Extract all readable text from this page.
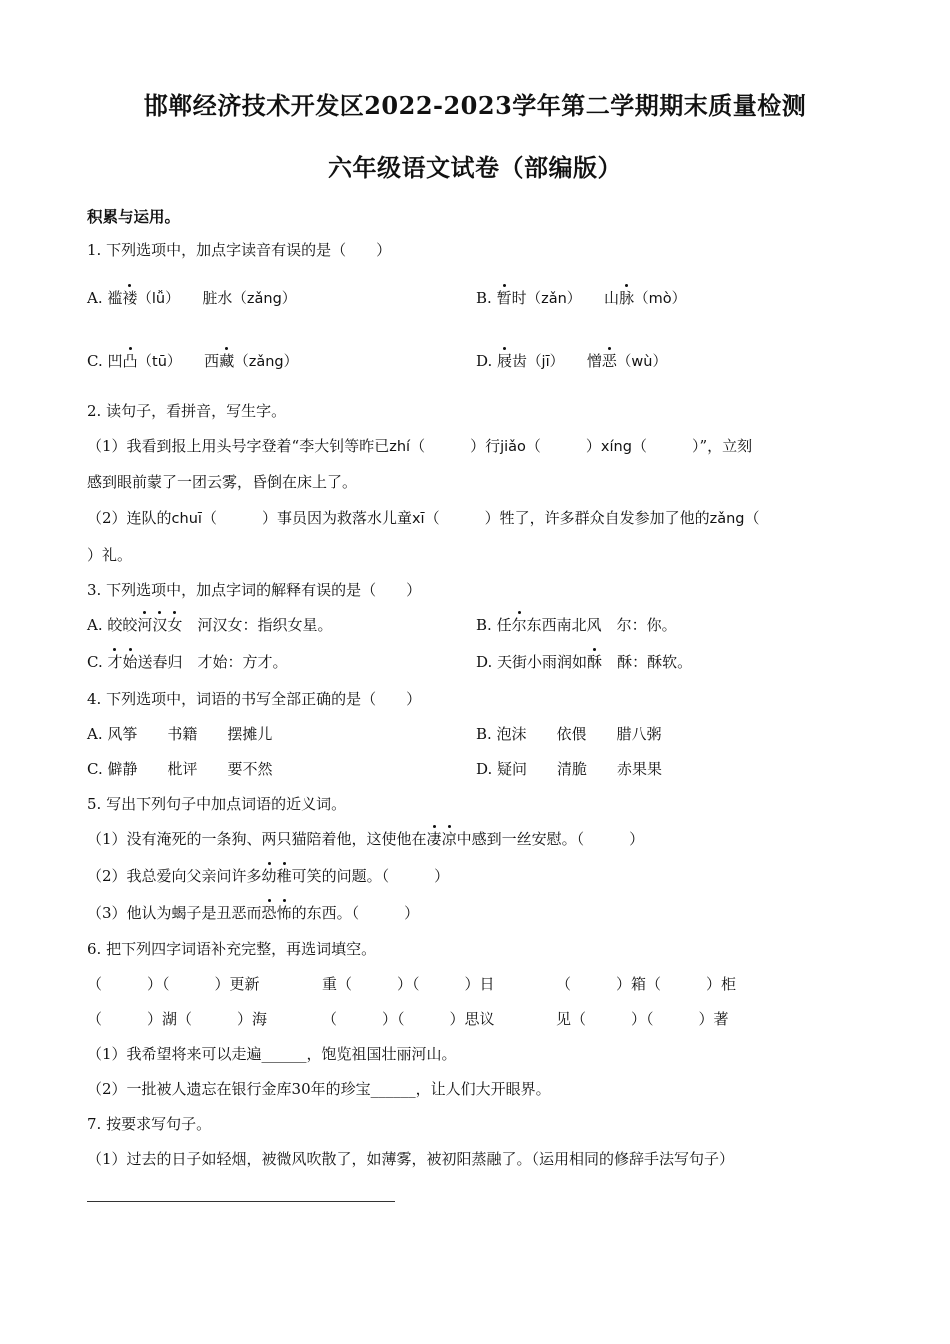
邯郸经济技术开发区2022-2023学年第二学期期末质量检测
六年级语文试卷（部编版）
积累与运用。
1. 下列选项中，加点字读音有误的是（　　）
A. 褴褛（lǚ）　　 脏水（zǎng）	B. 暂时（zǎn）　　 山脉（mò）
C. 凹凸（tū）　　 西藏（zǎng）	D. 屐齿（jī）　　 憎恶（wù）
2. 读句子，看拼音，写生字。
（1）我看到报上用头号字登着“李大钊等昨已zhí（　　　）行jiǎo（　　　）xíng（　　　）”，立刻
感到眼前蒙了一团云雾，昏倒在床上了。
（2）连队的chuī（　　　）事员因为救落水儿童xī（　　　）牲了，许多群众自发参加了他的zǎng（
）礼。
3. 下列选项中，加点字词的解释有误的是（　　）
A. 皎皎河汉女　河汉女：指织女星。	B. 任尔东西南北风　尔：你。
C. 才始送春归　才始：方才。	D. 天街小雨润如酥　酥：酥软。
4. 下列选项中，词语的书写全部正确的是（　　）
A. 风筝　　书籍　　摆摊儿	B. 泡沫　　依偎　　腊八粥
C. 僻静　　枇评　　要不然	D. 疑问　　清脆　　赤果果
5. 写出下列句子中加点词语的近义词。
（1）没有淹死的一条狗、两只猫陪着他，这使他在凄凉中感到一丝安慰。（　　　）
（2）我总爱向父亲问许多幼稚可笑的问题。（　　　）
（3）他认为蝎子是丑恶而恐怖的东西。（　　　）
6. 把下列四字词语补充完整，再选词填空。
（　　　）（　　　）更新	重（　　　）（　　　）日	（　　　）箱（　　　）柜
（　　　）湖（　　　）海	（　　　）（　　　）思议	见（　　　）（　　　）著
（1）我希望将来可以走遍______，饱览祖国壮丽河山。
（2）一批被人遗忘在银行金库30年的珍宝______，让人们大开眼界。
7. 按要求写句子。
（1）过去的日子如轻烟，被微风吹散了，如薄雾，被初阳蒸融了。（运用相同的修辞手法写句子）
